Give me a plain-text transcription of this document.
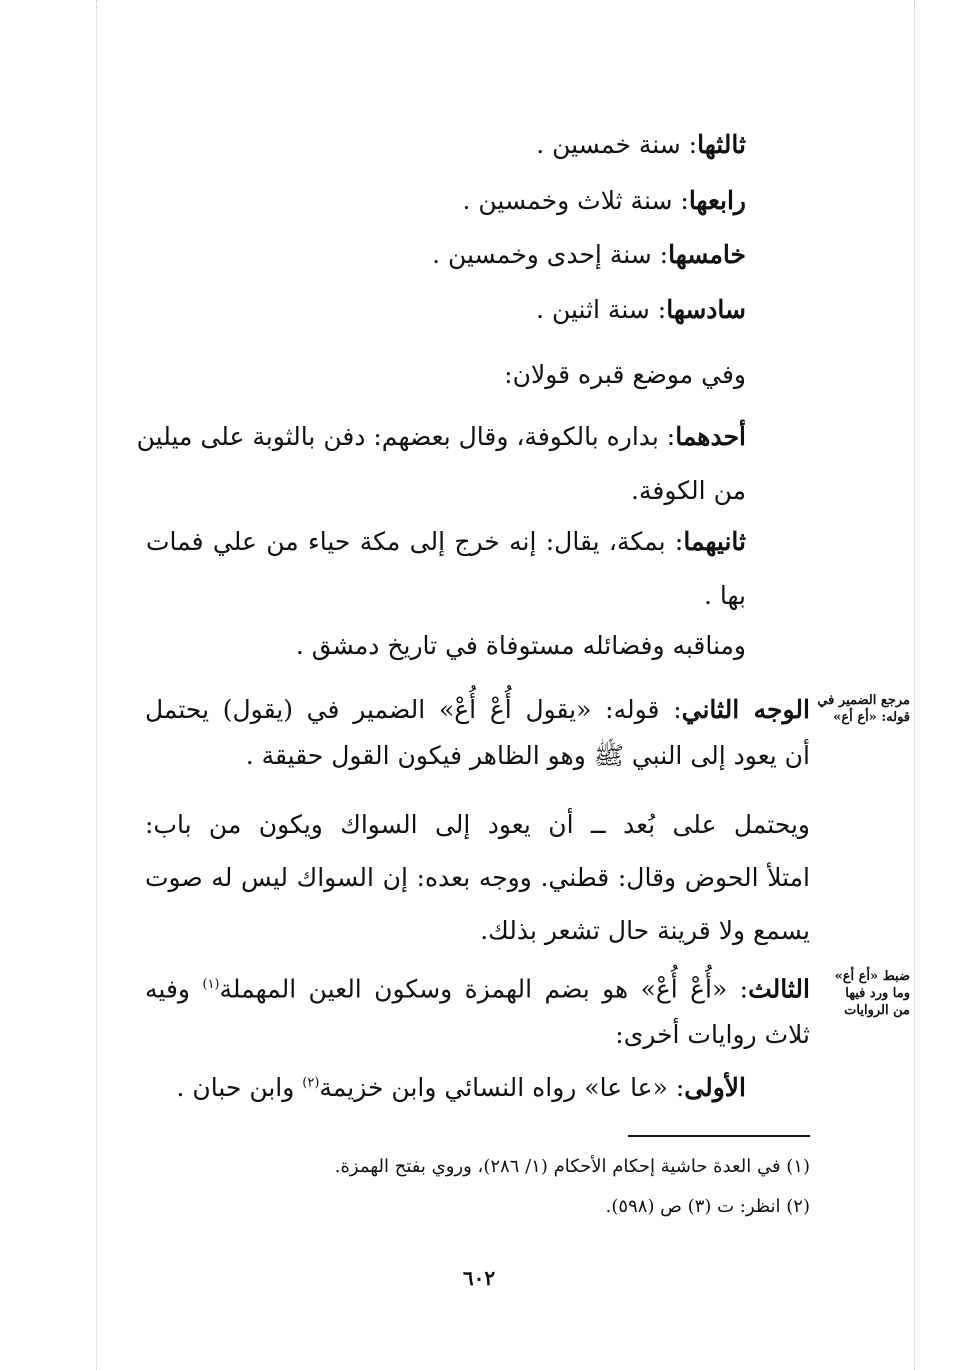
ثالثها: سنة خمسين .
رابعها: سنة ثلاث وخمسين .
خامسها: سنة إحدى وخمسين .
سادسها: سنة اثنين .
وفي موضع قبره قولان:
أحدهما: بداره بالكوفة، وقال بعضهم: دفن بالثوبة على ميلين
من الكوفة.
ثانيهما: بمكة، يقال: إنه خرج إلى مكة حياء من علي فمات
بها .
ومناقبه وفضائله مستوفاة في تاريخ دمشق .
مرجع الضمير في
قوله: «أع أع»
الوجه الثاني: قوله: «يقول أُعْ أُعْ» الضمير في (يقول) يحتمل
أن يعود إلى النبي ﷺ وهو الظاهر فيكون القول حقيقة .
ويحتمل على بُعد ــ أن يعود إلى السواك ويكون من باب:
امتلأ الحوض وقال: قطني. ووجه بعده: إن السواك ليس له صوت
يسمع ولا قرينة حال تشعر بذلك.
ضبط «أع أع»
وما ورد فيها
من الروايات
الثالث: «أُعْ أُعْ» هو بضم الهمزة وسكون العين المهملة$^{(١)}$ وفيه
ثلاث روايات أخرى:
الأولى: «عا عا» رواه النسائي وابن خزيمة$^{(٢)}$ وابن حبان .
(١) في العدة حاشية إحكام الأحكام (١/ ٢٨٦)، وروي بفتح الهمزة.
(٢) انظر: ت (٣) ص (٥٩٨).
٦٠٢
